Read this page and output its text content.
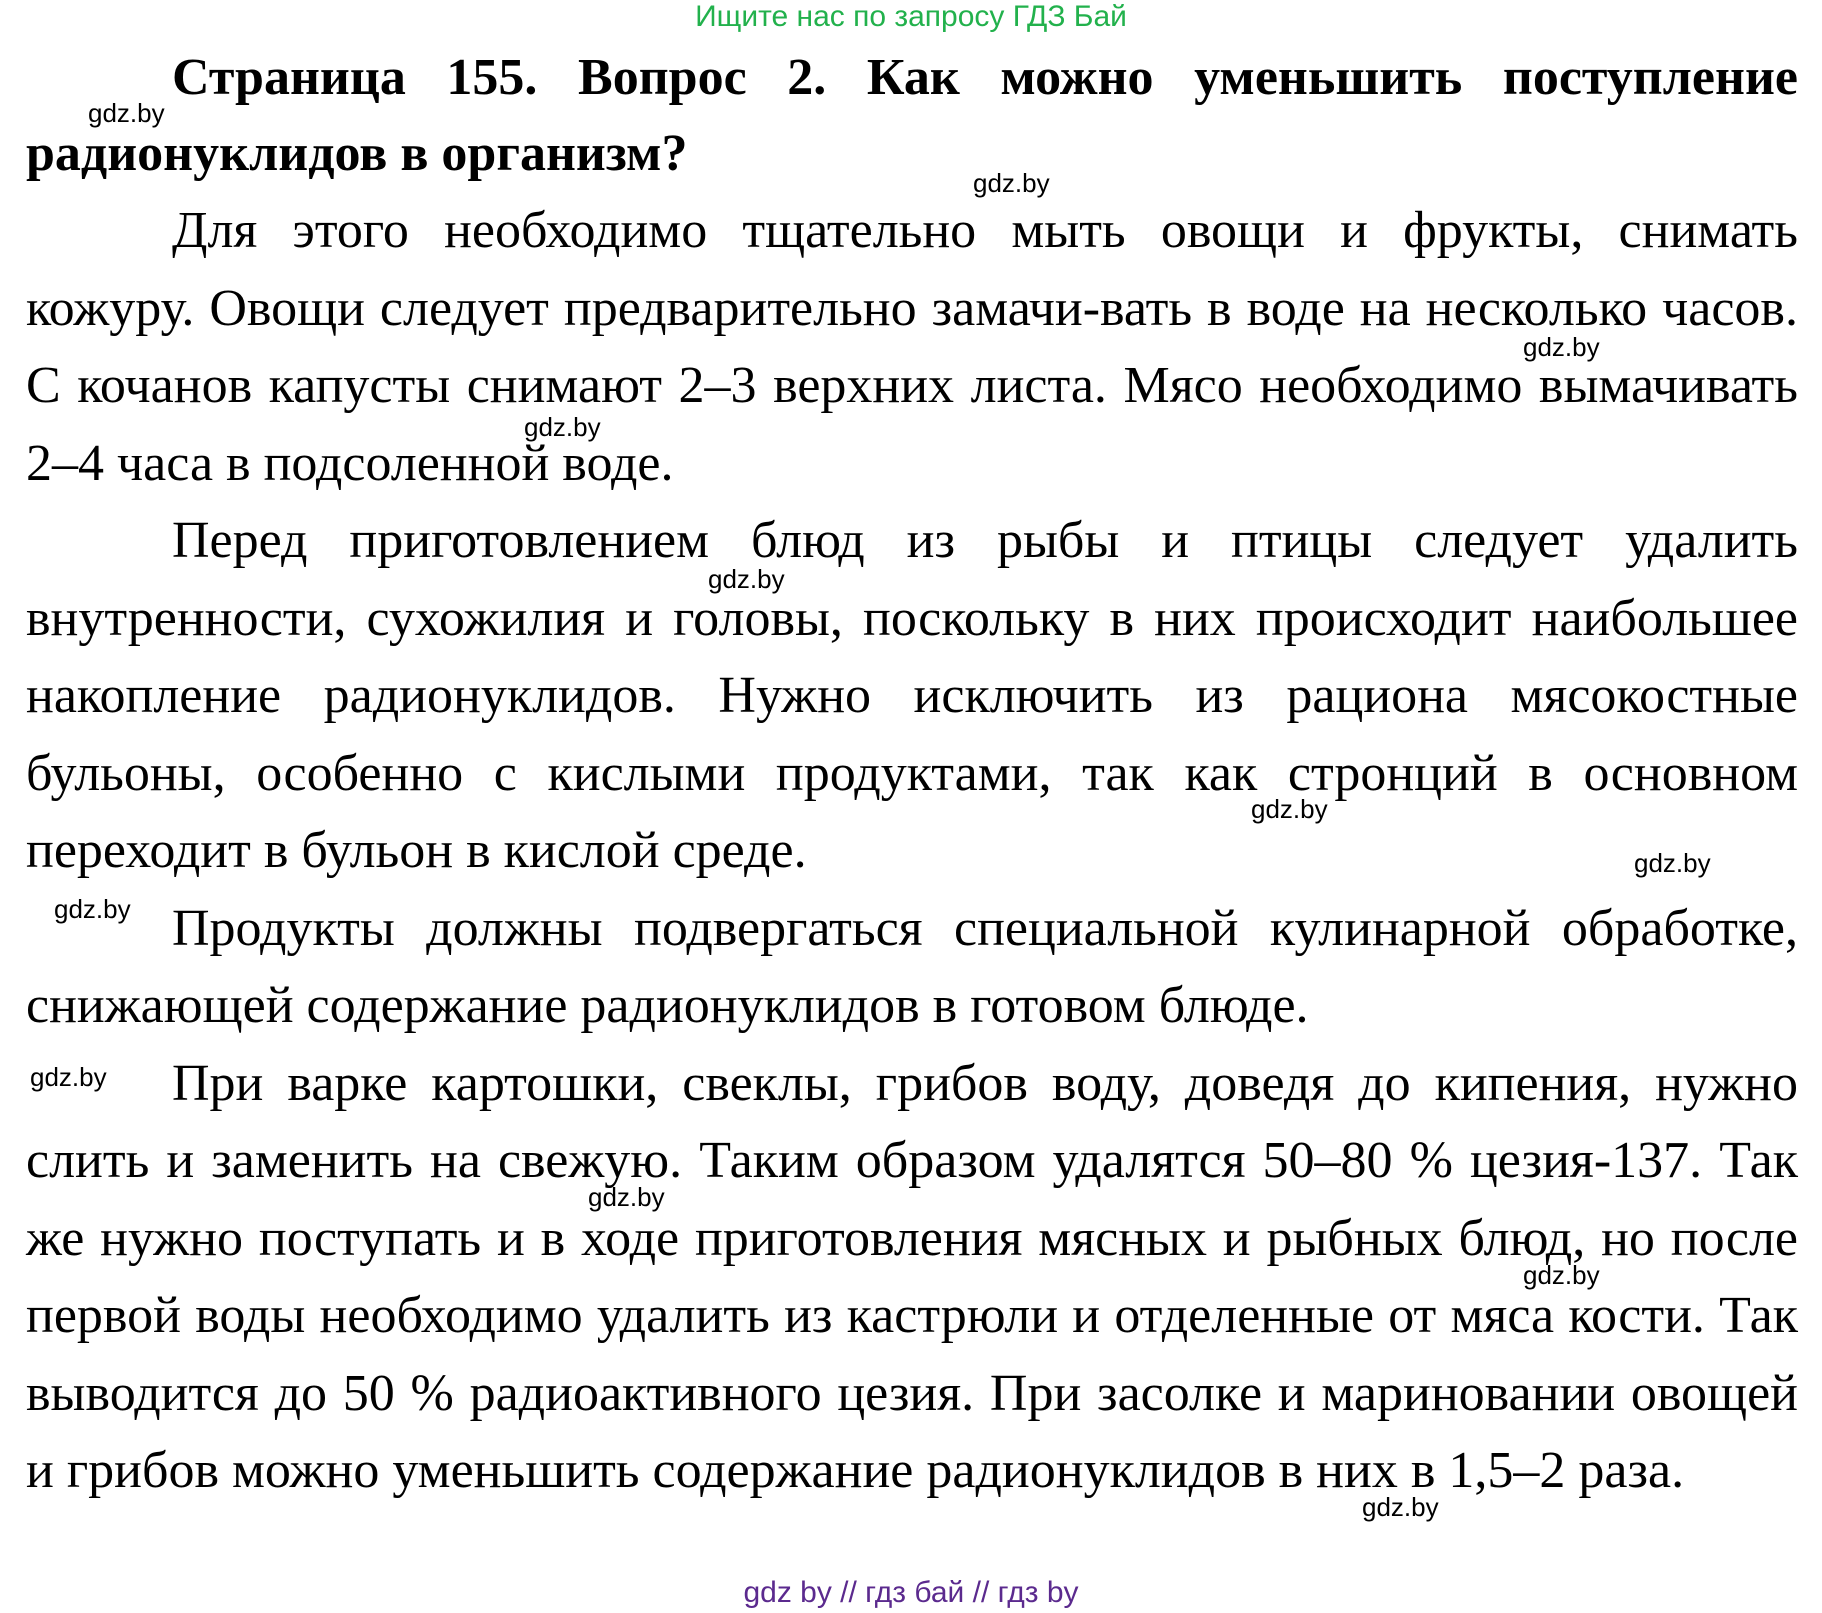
Ищите нас по запросу ГДЗ Бай

Страница 155. Вопрос 2. Как можно уменьшить поступление радионуклидов в организм?

Для этого необходимо тщательно мыть овощи и фрукты, снимать кожуру. Овощи следует предварительно замачи-вать в воде на несколько часов. С кочанов капусты снимают 2–3 верхних листа. Мясо необходимо вымачивать 2–4 часа в подсоленной воде.

Перед приготовлением блюд из рыбы и птицы следует удалить внутренности, сухожилия и головы, поскольку в них происходит наибольшее накопление радионуклидов. Нужно исключить из рациона мясокостные бульоны, особенно с кислыми продуктами, так как стронций в основном переходит в бульон в кислой среде.

Продукты должны подвергаться специальной кулинарной обработке, снижающей содержание радионуклидов в готовом блюде.

При варке картошки, свеклы, грибов воду, доведя до кипения, нужно слить и заменить на свежую. Таким образом удалятся 50–80 % цезия-137. Так же нужно поступать и в ходе приготовления мясных и рыбных блюд, но после первой воды необходимо удалить из кастрюли и отделенные от мяса кости. Так выводится до 50 % радиоактивного цезия. При засолке и мариновании овощей и грибов можно уменьшить содержание радионуклидов в них в 1,5–2 раза.

gdz.by
gdz.by
gdz.by
gdz.by
gdz.by
gdz.by
gdz.by
gdz.by
gdz.by
gdz.by
gdz.by
gdz.by
gdz by // гдз бай // гдз by
